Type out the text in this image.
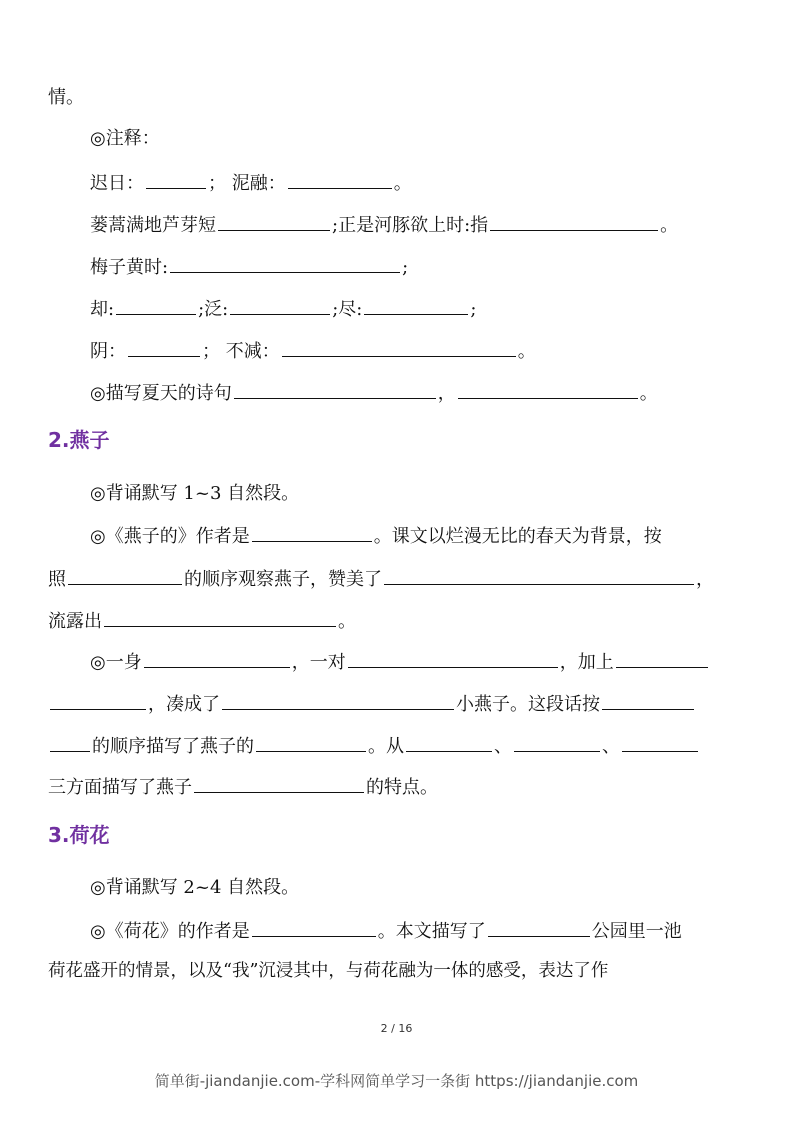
情。
◎注释：
迟日：	； 泥融：	。
蒌蒿满地芦芽短	;正是河豚欲上时:指	。
梅子黄时:	;
却:	;泛:	;尽:	;
阴：	； 不减：	。
◎描写夏天的诗句	，	。
2.燕子
◎背诵默写 1~3 自然段。
◎《燕子的》作者是	。课文以烂漫无比的春天为背景，按
照	的顺序观察燕子，赞美了	，
流露出	。
◎一身	，一对	，加上
，凑成了	小燕子。这段话按
的顺序描写了燕子的	。从	、	、
三方面描写了燕子	的特点。
3.荷花
◎背诵默写 2~4 自然段。
◎《荷花》的作者是	。本文描写了	公园里一池
荷花盛开的情景，以及“我”沉浸其中，与荷花融为一体的感受，表达了作
2 / 16
简单街-jiandanjie.com-学科网简单学习一条街 https://jiandanjie.com
